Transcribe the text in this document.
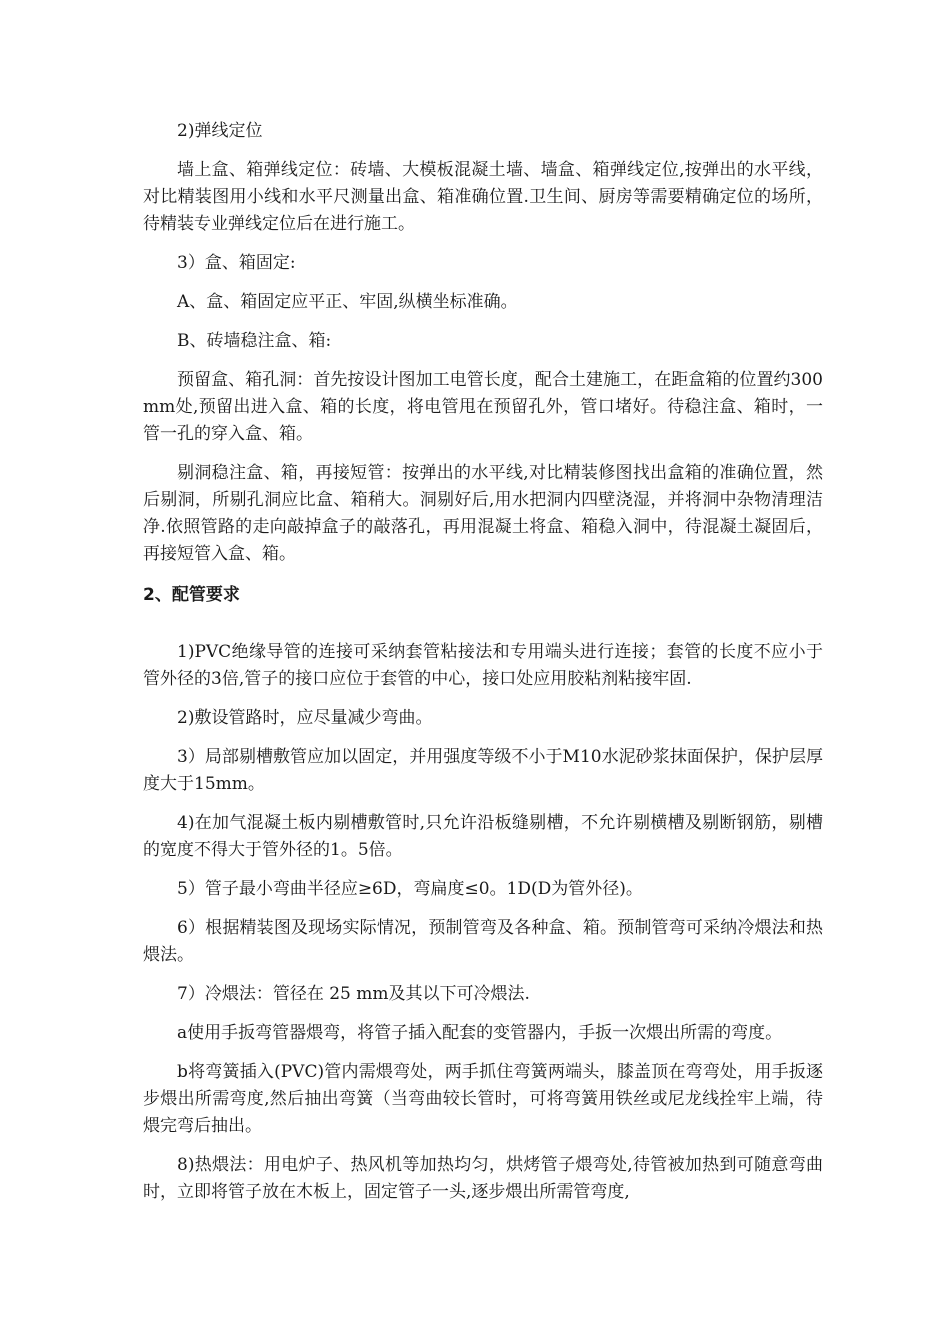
2)弹线定位

墙上盒、箱弹线定位：砖墙、大模板混凝土墙、墙盒、箱弹线定位,按弹出的水平线，对比精装图用小线和水平尺测量出盒、箱准确位置.卫生间、厨房等需要精确定位的场所，待精装专业弹线定位后在进行施工。

3）盒、箱固定:

A、盒、箱固定应平正、牢固,纵横坐标准确。

B、砖墙稳注盒、箱:

预留盒、箱孔洞：首先按设计图加工电管长度，配合土建施工，在距盒箱的位置约300mm处,预留出进入盒、箱的长度，将电管甩在预留孔外，管口堵好。待稳注盒、箱时，一管一孔的穿入盒、箱。

剔洞稳注盒、箱，再接短管：按弹出的水平线,对比精装修图找出盒箱的准确位置，然后剔洞，所剔孔洞应比盒、箱稍大。洞剔好后,用水把洞内四壁浇湿，并将洞中杂物清理洁净.依照管路的走向敲掉盒子的敲落孔，再用混凝土将盒、箱稳入洞中，待混凝土凝固后，再接短管入盒、箱。

2、配管要求

1)PVC绝缘导管的连接可采纳套管粘接法和专用端头进行连接；套管的长度不应小于管外径的3倍,管子的接口应位于套管的中心，接口处应用胶粘剂粘接牢固.

2)敷设管路时，应尽量减少弯曲。

3）局部剔槽敷管应加以固定，并用强度等级不小于M10水泥砂浆抹面保护，保护层厚度大于15mm。

4)在加气混凝土板内剔槽敷管时,只允许沿板缝剔槽，不允许剔横槽及剔断钢筋，剔槽的宽度不得大于管外径的1。5倍。

5）管子最小弯曲半径应≥6D，弯扁度≤0。1D(D为管外径)。

6）根据精装图及现场实际情况，预制管弯及各种盒、箱。预制管弯可采纳冷煨法和热煨法。

7）冷煨法：管径在 25 mm及其以下可冷煨法.

a使用手扳弯管器煨弯，将管子插入配套的变管器内，手扳一次煨出所需的弯度。

b将弯簧插入(PVC)管内需煨弯处，两手抓住弯簧两端头，膝盖顶在弯弯处，用手扳逐步煨出所需弯度,然后抽出弯簧（当弯曲较长管时，可将弯簧用铁丝或尼龙线拴牢上端，待煨完弯后抽出。

8)热煨法：用电炉子、热风机等加热均匀，烘烤管子煨弯处,待管被加热到可随意弯曲时，立即将管子放在木板上，固定管子一头,逐步煨出所需管弯度,
